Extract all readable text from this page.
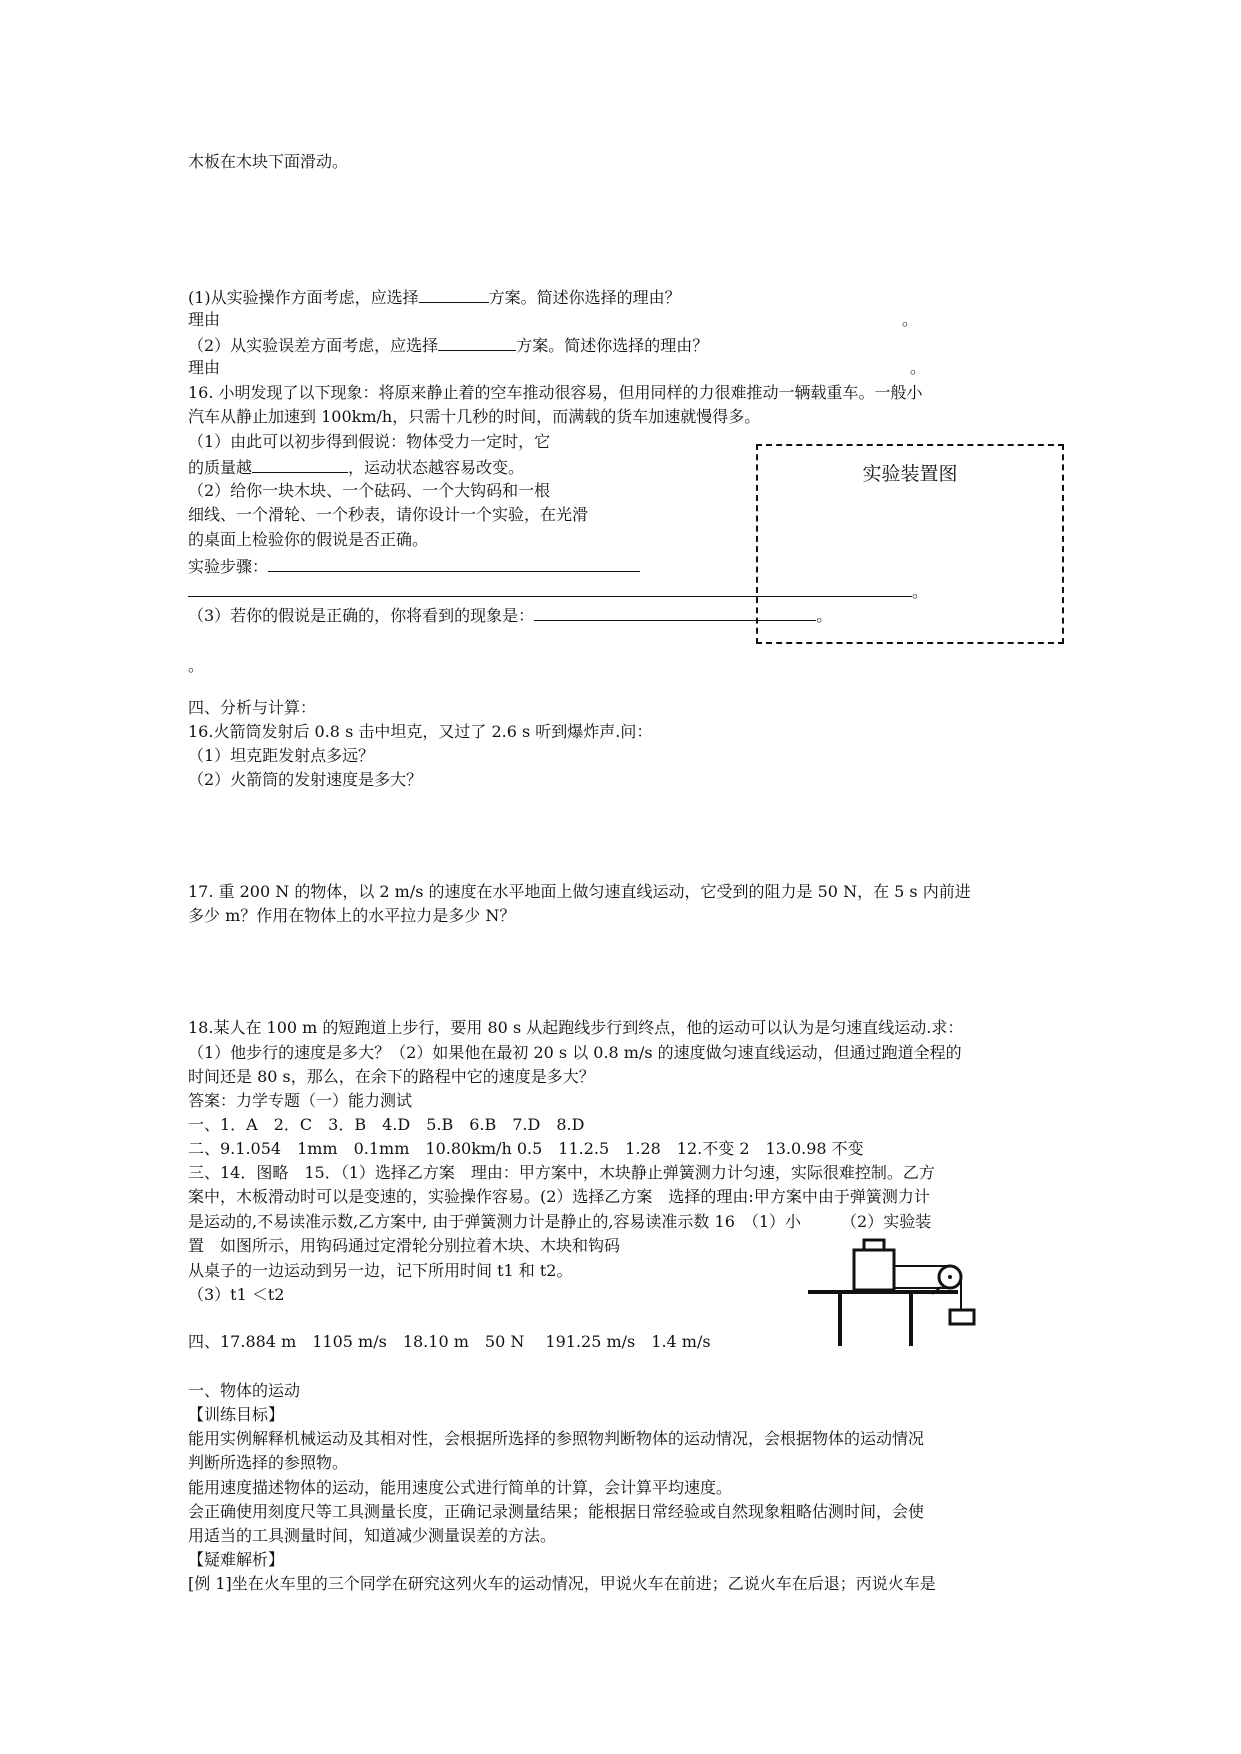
木板在木块下面滑动。
(1)从实验操作方面考虑，应选择	方案。简述你选择的理由？
理由	。
（2）从实验误差方面考虑，应选择	方案。简述你选择的理由？
理由	。
16. 小明发现了以下现象：将原来静止着的空车推动很容易，但用同样的力很难推动一辆载重车。一般小
汽车从静止加速到 100km/h，只需十几秒的时间，而满载的货车加速就慢得多。
（1）由此可以初步得到假说：物体受力一定时，它
的质量越	，运动状态越容易改变。
（2）给你一块木块、一个砝码、一个大钩码和一根
细线、一个滑轮、一个秒表，请你设计一个实验，在光滑
的桌面上检验你的假说是否正确。
实验步骤：
。
（3）若你的假说是正确的，你将看到的现象是：	。
。
实验装置图
四、分析与计算：
16.火箭筒发射后 0.8 s 击中坦克，又过了 2.6 s 听到爆炸声.问：
（1）坦克距发射点多远？
（2）火箭筒的发射速度是多大？
17. 重 200 N 的物体，以 2 m/s 的速度在水平地面上做匀速直线运动，它受到的阻力是 50 N，在 5 s 内前进
多少 m？作用在物体上的水平拉力是多少 N？
18.某人在 100 m 的短跑道上步行，要用 80 s 从起跑线步行到终点，他的运动可以认为是匀速直线运动.求：
（1）他步行的速度是多大？（2）如果他在最初 20 s 以 0.8 m/s 的速度做匀速直线运动，但通过跑道全程的
时间还是 80 s，那么，在余下的路程中它的速度是多大？
答案：力学专题（一）能力测试
一、1．A　2．C　3．B　4.D　5.B　6.B　7.D　8.D
二、9.1.054　1mm　0.1mm　10.80km/h 0.5　11.2.5　1.28　12.不变 2　13.0.98 不变
三、14．图略　15．（1）选择乙方案　理由：甲方案中，木块静止弹簧测力计匀速，实际很难控制。乙方
案中，木板滑动时可以是变速的，实验操作容易。(2）选择乙方案　选择的理由:甲方案中由于弹簧测力计
是运动的,不易读准示数,乙方案中, 由于弹簧测力计是静止的,容易读准示数 16　（1）小　　　（2）实验装
置　如图所示，用钩码通过定滑轮分别拉着木块、木块和钩码
从桌子的一边运动到另一边，记下所用时间 t1 和 t2。
（3）t1 ＜t2
四、17.884 m　1105 m/s　18.10 m　50 N　 191.25 m/s　1.4 m/s
一、物体的运动
【训练目标】
能用实例解释机械运动及其相对性，会根据所选择的参照物判断物体的运动情况，会根据物体的运动情况
判断所选择的参照物。
能用速度描述物体的运动，能用速度公式进行简单的计算，会计算平均速度。
会正确使用刻度尺等工具测量长度，正确记录测量结果；能根据日常经验或自然现象粗略估测时间，会使
用适当的工具测量时间，知道减少测量误差的方法。
【疑难解析】
[例 1]坐在火车里的三个同学在研究这列火车的运动情况，甲说火车在前进；乙说火车在后退；丙说火车是
